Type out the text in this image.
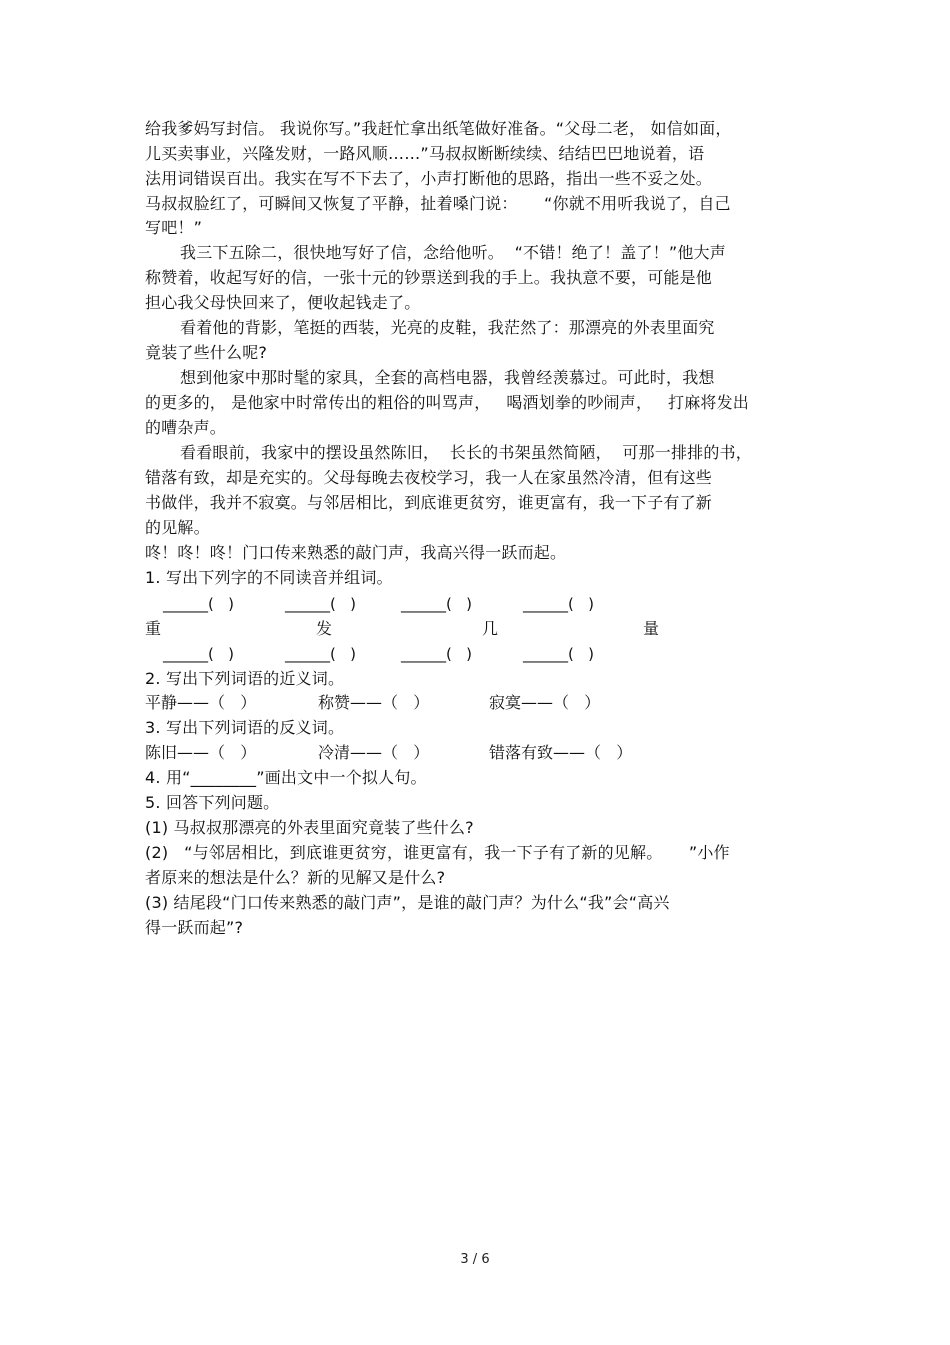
给我爹妈写封信。 我说你写。”我赶忙拿出纸笔做好准备。“父母二老， 如信如面，
儿买卖事业，兴隆发财，一路风顺……”马叔叔断断续续、结结巴巴地说着，语
法用词错误百出。我实在写不下去了，小声打断他的思路，指出一些不妥之处。
马叔叔脸红了，可瞬间又恢复了平静，扯着嗓门说：     “你就不用听我说了，自己
写吧！”
我三下五除二，很快地写好了信，念给他听。  “不错！绝了！盖了！”他大声
称赞着，收起写好的信，一张十元的钞票送到我的手上。我执意不要，可能是他
担心我父母快回来了，便收起钱走了。
看着他的背影，笔挺的西装，光亮的皮鞋，我茫然了：那漂亮的外表里面究
竟装了些什么呢?
想到他家中那时髦的家具，全套的高档电器，我曾经羡慕过。可此时，我想
的更多的， 是他家中时常传出的粗俗的叫骂声，   喝酒划拳的吵闹声，   打麻将发出
的嘈杂声。
看看眼前，我家中的摆设虽然陈旧，  长长的书架虽然简陋，  可那一排排的书，
错落有致，却是充实的。父母每晚去夜校学习，我一人在家虽然冷清，但有这些
书做伴，我并不寂寞。与邻居相比，到底谁更贫穷，谁更富有，我一下子有了新
的见解。
咚！咚！咚！门口传来熟悉的敲门声，我高兴得一跃而起。
1. 写出下列字的不同读音并组词。
______(   )	______(   )	______(   )	______(   )
重	发	几	量
______(   )	______(   )	______(   )	______(   )
2. 写出下列词语的近义词。
平静——（   ）	称赞——（   ）	寂寞——（   ）
3. 写出下列词语的反义词。
陈旧——（   ）	冷清——（   ）	错落有致——（   ）
4. 用“________”画出文中一个拟人句。
5. 回答下列问题。
(1) 马叔叔那漂亮的外表里面究竟装了些什么?
(2)   “与邻居相比，到底谁更贫穷，谁更富有，我一下子有了新的见解。     ”小作
者原来的想法是什么？新的见解又是什么?
(3) 结尾段“门口传来熟悉的敲门声”，是谁的敲门声？为什么“我”会“高兴
得一跃而起”?
3 / 6
